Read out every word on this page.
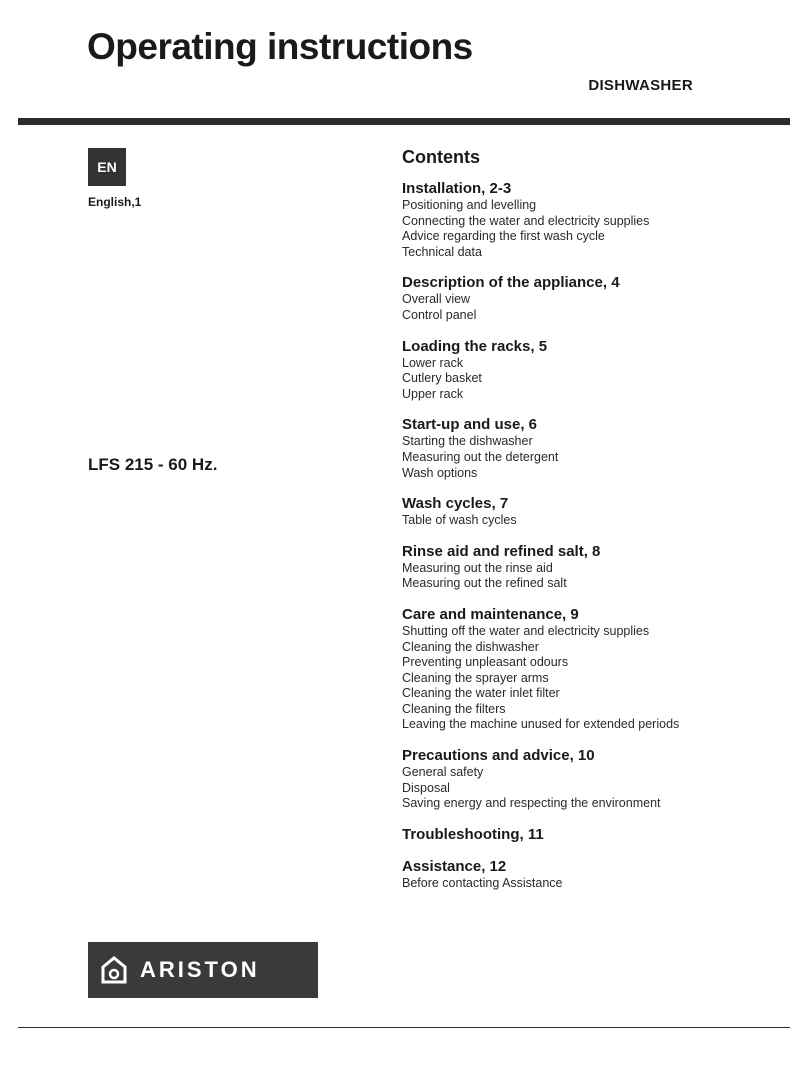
Operating instructions
DISHWASHER
EN
English,1
LFS 215 - 60 Hz.
Contents
Installation, 2-3
Positioning and levelling
Connecting the water and electricity supplies
Advice regarding the first wash cycle
Technical data
Description of the appliance, 4
Overall view
Control panel
Loading the racks, 5
Lower rack
Cutlery basket
Upper rack
Start-up and use, 6
Starting the dishwasher
Measuring out the detergent
Wash options
Wash cycles, 7
Table of wash cycles
Rinse aid and refined salt, 8
Measuring out the rinse aid
Measuring out the refined salt
Care and maintenance, 9
Shutting off the water and electricity supplies
Cleaning the dishwasher
Preventing unpleasant odours
Cleaning the sprayer arms
Cleaning the water inlet filter
Cleaning the filters
Leaving the machine unused for extended periods
Precautions and advice, 10
General safety
Disposal
Saving energy and respecting the environment
Troubleshooting, 11
Assistance, 12
Before contacting Assistance
ARISTON
